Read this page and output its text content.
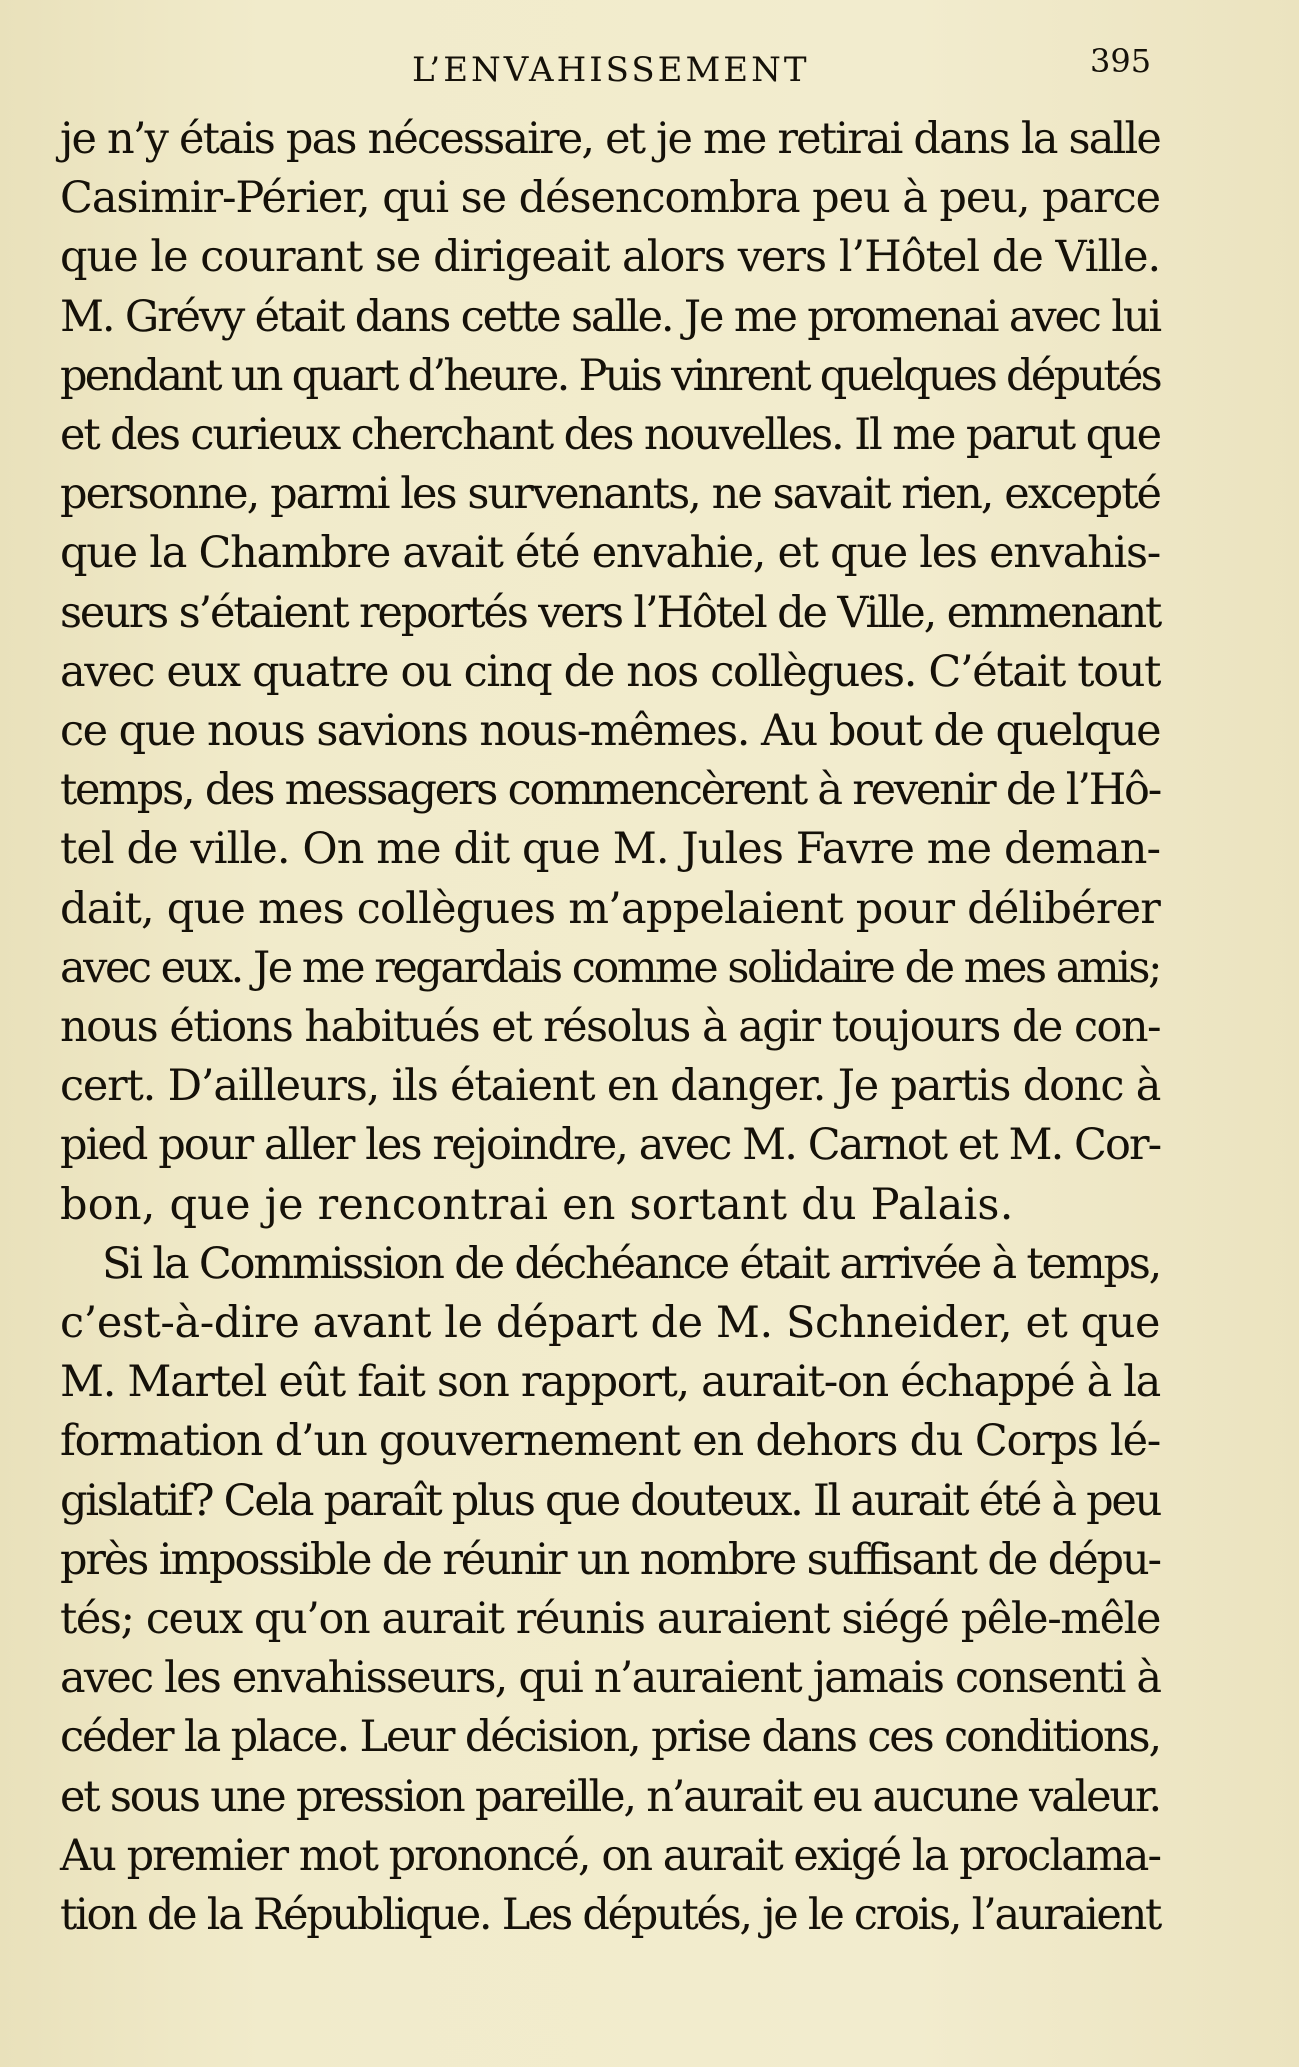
L’ENVAHISSEMENT	395

je n’y étais pas nécessaire, et je me retirai dans la salle
Casimir-Périer, qui se désencombra peu à peu, parce
que le courant se dirigeait alors vers l’Hôtel de Ville.
M. Grévy était dans cette salle. Je me promenai avec lui
pendant un quart d’heure. Puis vinrent quelques députés
et des curieux cherchant des nouvelles. Il me parut que
personne, parmi les survenants, ne savait rien, excepté
que la Chambre avait été envahie, et que les envahis-
seurs s’étaient reportés vers l’Hôtel de Ville, emmenant
avec eux quatre ou cinq de nos collègues. C’était tout
ce que nous savions nous-mêmes. Au bout de quelque
temps, des messagers commencèrent à revenir de l’Hô-
tel de ville. On me dit que M. Jules Favre me deman-
dait, que mes collègues m’appelaient pour délibérer
avec eux. Je me regardais comme solidaire de mes amis;
nous étions habitués et résolus à agir toujours de con-
cert. D’ailleurs, ils étaient en danger. Je partis donc à
pied pour aller les rejoindre, avec M. Carnot et M. Cor-
bon, que je rencontrai en sortant du Palais.

Si la Commission de déchéance était arrivée à temps,
c’est-à-dire avant le départ de M. Schneider, et que
M. Martel eût fait son rapport, aurait-on échappé à la
formation d’un gouvernement en dehors du Corps lé-
gislatif? Cela paraît plus que douteux. Il aurait été à peu
près impossible de réunir un nombre suffisant de dépu-
tés; ceux qu’on aurait réunis auraient siégé pêle-mêle
avec les envahisseurs, qui n’auraient jamais consenti à
céder la place. Leur décision, prise dans ces conditions,
et sous une pression pareille, n’aurait eu aucune valeur.
Au premier mot prononcé, on aurait exigé la proclama-
tion de la République. Les députés, je le crois, l’auraient
